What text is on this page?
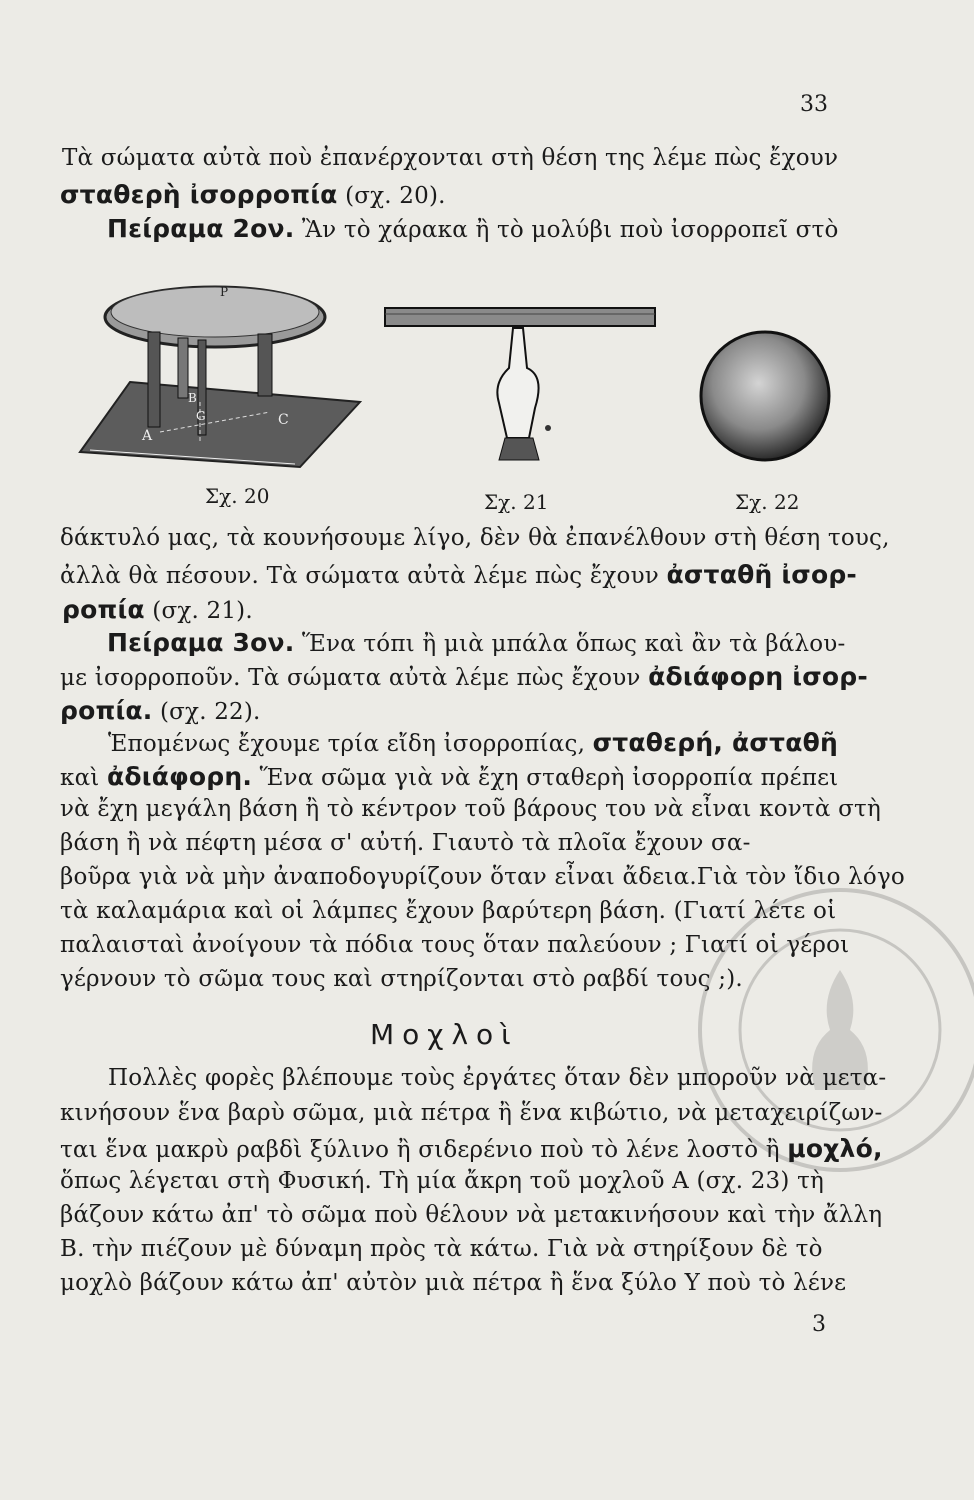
33
Τὰ σώματα αὐτὰ ποὺ ἐπανέρχονται στὴ θέση της λέμε πὼς ἔχουν
σταθερὴ ἰσορροπία (σχ. 20).
Πείραμα 2ον. Ἂν τὸ χάρακα ἢ τὸ μολύβι ποὺ ἰσορροπεῖ στὸ
P
A
B
G	C
Σχ. 20	Σχ. 21	Σχ. 22
δάκτυλό μας, τὰ κουνήσουμε λίγο, δὲν θὰ ἐπανέλθουν στὴ θέση τους,
ἀλλὰ θὰ πέσουν. Τὰ σώματα αὐτὰ λέμε πὼς ἔχουν ἀσταθῆ ἰσορ-
ροπία (σχ. 21).
Πείραμα 3ον. Ἕνα τόπι ἢ μιὰ μπάλα ὅπως καὶ ἂν τὰ βάλου-
με ἰσορροποῦν. Τὰ σώματα αὐτὰ λέμε πὼς ἔχουν ἀδιάφορη ἰσορ-
ροπία. (σχ. 22).
Ἑπομένως ἔχουμε τρία εἴδη ἰσορροπίας, σταθερή, ἀσταθῆ
καὶ ἀδιάφορη. Ἕνα σῶμα γιὰ νὰ ἔχη σταθερὴ ἰσορροπία πρέπει
νὰ ἔχη μεγάλη βάση ἢ τὸ κέντρον τοῦ βάρους του νὰ εἶναι κοντὰ στὴ
βάση ἢ νὰ πέφτη μέσα σ' αὐτή. Γιαυτὸ τὰ πλοῖα ἔχουν σα-
βοῦρα γιὰ νὰ μὴν ἀναποδογυρίζουν ὅταν εἶναι ἄδεια.Γιὰ τὸν ἴδιο λόγο
τὰ καλαμάρια καὶ οἱ λάμπες ἔχουν βαρύτερη βάση. (Γιατί λέτε οἱ
παλαισταὶ ἀνοίγουν τὰ πόδια τους ὅταν παλεύουν ; Γιατί οἱ γέροι
γέρνουν τὸ σῶμα τους καὶ στηρίζονται στὸ ραβδί τους ;).
Μοχλοὶ
Πολλὲς φορὲς βλέπουμε τοὺς ἐργάτες ὅταν δὲν μποροῦν νὰ μετα-
κινήσουν ἕνα βαρὺ σῶμα, μιὰ πέτρα ἢ ἕνα κιβώτιο, νὰ μεταχειρίζων-
ται ἕνα μακρὺ ραβδὶ ξύλινο ἢ σιδερένιο ποὺ τὸ λένε λοστὸ ἢ μοχλό,
ὅπως λέγεται στὴ Φυσική. Τὴ μία ἄκρη τοῦ μοχλοῦ Α (σχ. 23) τὴ
βάζουν κάτω ἀπ' τὸ σῶμα ποὺ θέλουν νὰ μετακινήσουν καὶ τὴν ἄλλη
Β. τὴν πιέζουν μὲ δύναμη πρὸς τὰ κάτω. Γιὰ νὰ στηρίξουν δὲ τὸ
μοχλὸ βάζουν κάτω ἀπ' αὐτὸν μιὰ πέτρα ἢ ἕνα ξύλο Υ ποὺ τὸ λένε
3
